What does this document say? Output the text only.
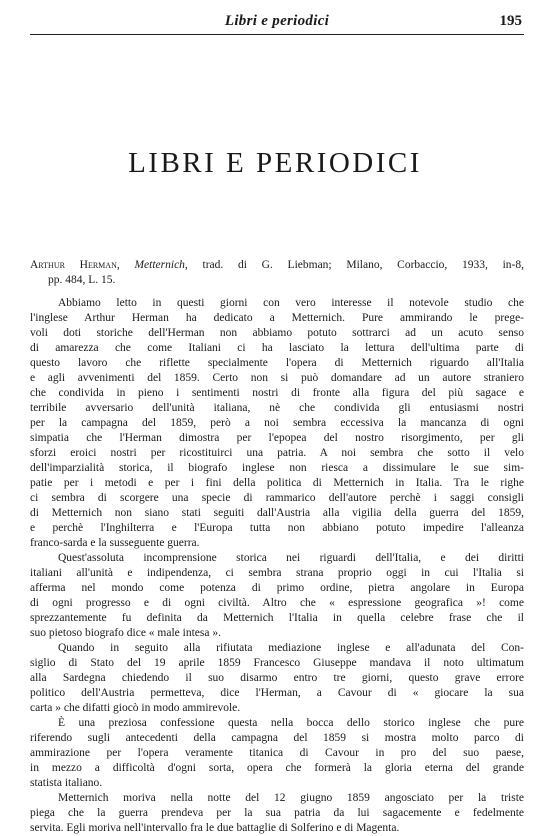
Libri e periodici	195
LIBRI E PERIODICI
Arthur Herman, Metternich, trad. di G. Liebman; Milano, Corbaccio, 1933, in-8,
pp. 484, L. 15.
Abbiamo letto in questi giorni con vero interesse il notevole studio che
l'inglese Arthur Herman ha dedicato a Metternich. Pure ammirando le prege-
voli doti storiche dell'Herman non abbiamo potuto sottrarci ad un acuto senso
di amarezza che come Italiani ci ha lasciato la lettura dell'ultima parte di
questo lavoro che riflette specialmente l'opera di Metternich riguardo all'Italia
e agli avvenimenti del 1859. Certo non si può domandare ad un autore straniero
che condivida in pieno i sentimenti nostri di fronte alla figura del più sagace e
terribile avversario dell'unità italiana, nè che condivida gli entusiasmi nostri
per la campagna del 1859, però a noi sembra eccessiva la mancanza di ogni
simpatia che l'Herman dimostra per l'epopea del nostro risorgimento, per gli
sforzi eroici nostri per ricostituirci una patria. A noi sembra che sotto il velo
dell'imparzialità storica, il biografo inglese non riesca a dissimulare le sue sim-
patie per i metodi e per i fini della politica di Metternich in Italia. Tra le righe
ci sembra di scorgere una specie di rammarico dell'autore perchè i saggi consigli
di Metternich non siano stati seguiti dall'Austria alla vigilia della guerra del 1859,
e perchè l'Inghilterra e l'Europa tutta non abbiano potuto impedire l'alleanza
franco-sarda e la susseguente guerra.
Quest'assoluta incomprensione storica nei riguardi dell'Italia, e dei diritti
italiani all'unità e indipendenza, ci sembra strana proprio oggi in cui l'Italia si
afferma nel mondo come potenza di primo ordine, pietra angolare in Europa
di ogni progresso e di ogni civiltà. Altro che « espressione geografica »! come
sprezzantemente fu definita da Metternich l'Italia in quella celebre frase che il
suo pietoso biografo dice « male intesa ».
Quando in seguito alla rifiutata mediazione inglese e all'adunata del Con-
siglio di Stato del 19 aprile 1859 Francesco Giuseppe mandava il noto ultimatum
alla Sardegna chiedendo il suo disarmo entro tre giorni, questo grave errore
politico dell'Austria permetteva, dice l'Herman, a Cavour di « giocare la sua
carta » che difatti giocò in modo ammirevole.
È una preziosa confessione questa nella bocca dello storico inglese che pure
riferendo sugli antecedenti della campagna del 1859 si mostra molto parco di
ammirazione per l'opera veramente titanica di Cavour in pro del suo paese,
in mezzo a difficoltà d'ogni sorta, opera che formerà la gloria eterna del grande
statista italiano.
Metternich moriva nella notte del 12 giugno 1859 angosciato per la triste
piega che la guerra prendeva per la sua patria da lui sagacemente e fedelmente
servita. Egli moriva nell'intervallo fra le due battaglie di Solferino e di Magenta.
